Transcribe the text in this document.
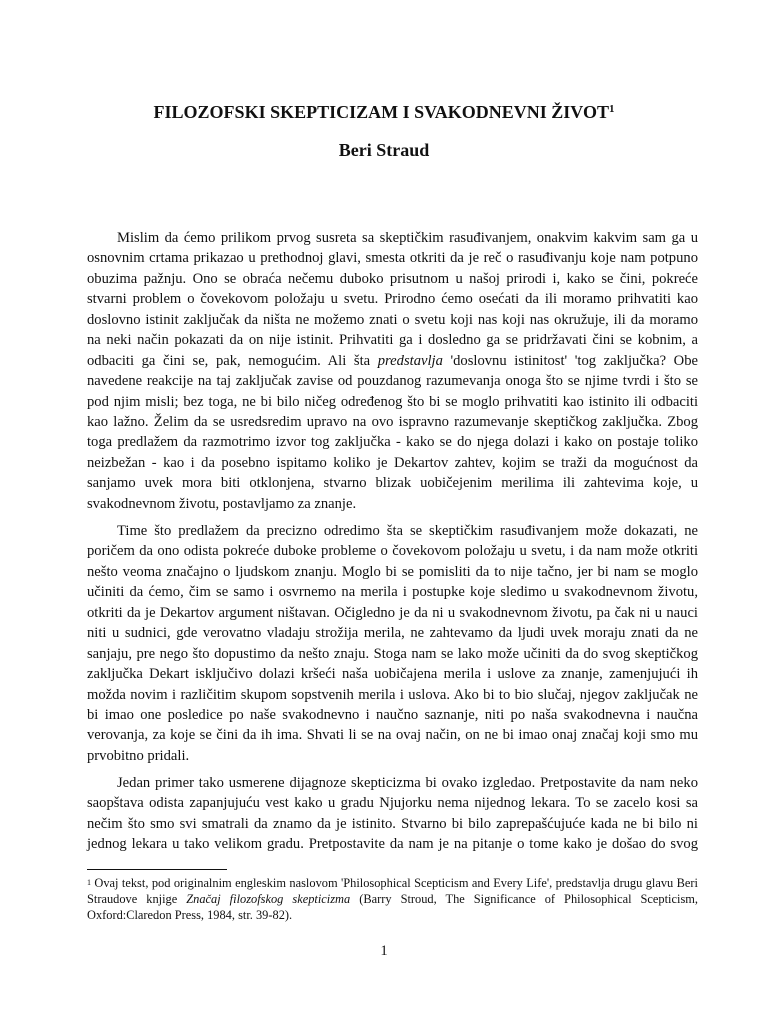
FILOZOFSKI SKEPTICIZAM I SVAKODNEVNI ŽIVOT$^1$
Beri Straud
Mislim da ćemo prilikom prvog susreta sa skeptičkim rasuđivanjem, onakvim kakvim sam ga u
osnovnim crtama prikazao u prethodnoj glavi, smesta otkriti da je reč o rasuđivanju koje nam potpuno
obuzima pažnju. Ono se obraća nečemu duboko prisutnom u našoj prirodi i, kako se čini, pokreće
stvarni problem o čovekovom položaju u svetu. Prirodno ćemo osećati da ili moramo prihvatiti kao
doslovno istinit zaključak da ništa ne možemo znati o svetu koji nas koji nas okružuje, ili da moramo
na neki način pokazati da on nije istinit. Prihvatiti ga i dosledno ga se pridržavati čini se kobnim, a
odbaciti ga čini se, pak, nemogućim. Ali šta predstavlja 'doslovnu istinitost' 'tog zaključka? Obe
navedene reakcije na taj zaključak zavise od pouzdanog razumevanja onoga što se njime tvrdi i što se
pod njim misli; bez toga, ne bi bilo ničeg određenog što bi se moglo prihvatiti kao istinito ili odbaciti
kao lažno. Želim da se usredsredim upravo na ovo ispravno razumevanje skeptičkog zaključka. Zbog
toga predlažem da razmotrimo izvor tog zaključka - kako se do njega dolazi i kako on postaje toliko
neizbežan - kao i da posebno ispitamo koliko je Dekartov zahtev, kojim se traži da mogućnost da
sanjamo uvek mora biti otklonjena, stvarno blizak uobičejenim merilima ili zahtevima koje, u
svakodnevnom životu, postavljamo za znanje.
Time što predlažem da precizno odredimo šta se skeptičkim rasuđivanjem može dokazati, ne
poričem da ono odista pokreće duboke probleme o čovekovom položaju u svetu, i da nam može otkriti
nešto veoma značajno o ljudskom znanju. Moglo bi se pomisliti da to nije tačno, jer bi nam se moglo
učiniti da ćemo, čim se samo i osvrnemo na merila i postupke koje sledimo u svakodnevnom životu,
otkriti da je Dekartov argument ništavan. Očigledno je da ni u svakodnevnom životu, pa čak ni u nauci
niti u sudnici, gde verovatno vladaju strožija merila, ne zahtevamo da ljudi uvek moraju znati da ne
sanjaju, pre nego što dopustimo da nešto znaju. Stoga nam se lako može učiniti da do svog skeptičkog
zaključka Dekart isključivo dolazi kršeći naša uobičajena merila i uslove za znanje, zamenjujući ih
možda novim i različitim skupom sopstvenih merila i uslova. Ako bi to bio slučaj, njegov zaključak ne
bi imao one posledice po naše svakodnevno i naučno saznanje, niti po naša svakodnevna i naučna
verovanja, za koje se čini da ih ima. Shvati li se na ovaj način, on ne bi imao onaj značaj koji smo mu
prvobitno pridali.
Jedan primer tako usmerene dijagnoze skepticizma bi ovako izgledao. Pretpostavite da nam neko
saopštava odista zapanjujuću vest kako u gradu Njujorku nema nijednog lekara. To se zacelo kosi sa
nečim što smo svi smatrali da znamo da je istinito. Stvarno bi bilo zaprepašćujuće kada ne bi bilo ni
jednog lekara u tako velikom gradu. Pretpostavite da nam je na pitanje o tome kako je došao do svog
$^1$ Ovaj tekst, pod originalnim engleskim naslovom 'Philosophical Scepticism and Every Life', predstavlja drugu glavu Beri
Straudove knjige Značaj filozofskog skepticizma (Barry Stroud, The Significance of Philosophical Scepticism,
Oxford:Claredon Press, 1984, str. 39-82).
1
